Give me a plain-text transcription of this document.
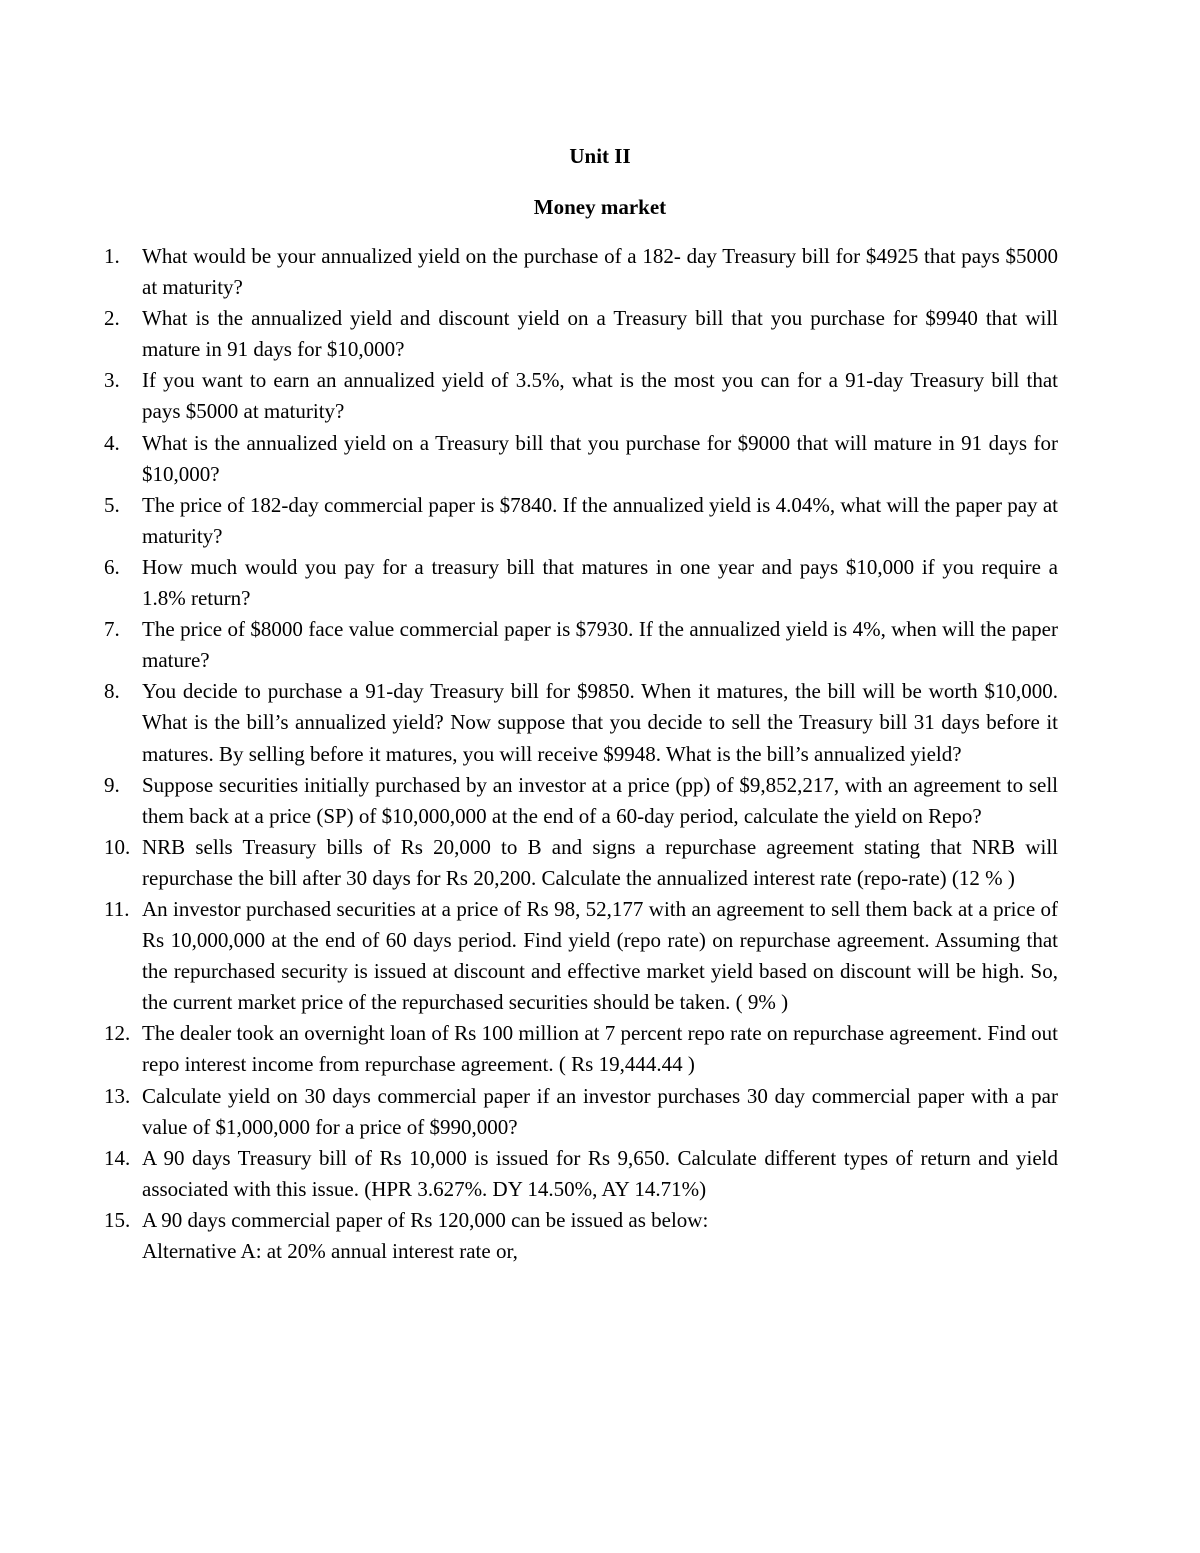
Unit II
Money market
1. What would be your annualized yield on the purchase of a 182- day Treasury bill for $4925 that pays $5000 at maturity?
2. What is the annualized yield and discount yield on a Treasury bill that you purchase for $9940 that will mature in 91 days for $10,000?
3. If you want to earn an annualized yield of 3.5%, what is the most you can for a 91-day Treasury bill that pays $5000 at maturity?
4. What is the annualized yield on a Treasury bill that you purchase for $9000 that will mature in 91 days for $10,000?
5. The price of 182-day commercial paper is $7840. If the annualized yield is 4.04%, what will the paper pay at maturity?
6. How much would you pay for a treasury bill that matures in one year and pays $10,000 if you require a 1.8% return?
7. The price of $8000 face value commercial paper is $7930. If the annualized yield is 4%, when will the paper mature?
8. You decide to purchase a 91-day Treasury bill for $9850. When it matures, the bill will be worth $10,000. What is the bill’s annualized yield? Now suppose that you decide to sell the Treasury bill 31 days before it matures. By selling before it matures, you will receive $9948. What is the bill’s annualized yield?
9. Suppose securities initially purchased by an investor at a price (pp) of $9,852,217, with an agreement to sell them back at a price (SP) of $10,000,000 at the end of a 60-day period, calculate the yield on Repo?
10. NRB sells Treasury bills of Rs 20,000 to B and signs a repurchase agreement stating that NRB will repurchase the bill after 30 days for Rs 20,200. Calculate the annualized interest rate (repo-rate) (12 % )
11. An investor purchased securities at a price of Rs 98, 52,177 with an agreement to sell them back at a price of Rs 10,000,000 at the end of 60 days period. Find yield (repo rate) on repurchase agreement. Assuming that the repurchased security is issued at discount and effective market yield based on discount will be high. So, the current market price of the repurchased securities should be taken. ( 9% )
12. The dealer took an overnight loan of Rs 100 million at 7 percent repo rate on repurchase agreement. Find out repo interest income from repurchase agreement. ( Rs 19,444.44 )
13. Calculate yield on 30 days commercial paper if an investor purchases 30 day commercial paper with a par value of $1,000,000 for a price of $990,000?
14. A 90 days Treasury bill of Rs 10,000 is issued for Rs 9,650. Calculate different types of return and yield associated with this issue. (HPR 3.627%. DY 14.50%, AY 14.71%)
15. A 90 days commercial paper of Rs 120,000 can be issued as below:
Alternative A: at 20% annual interest rate or,
